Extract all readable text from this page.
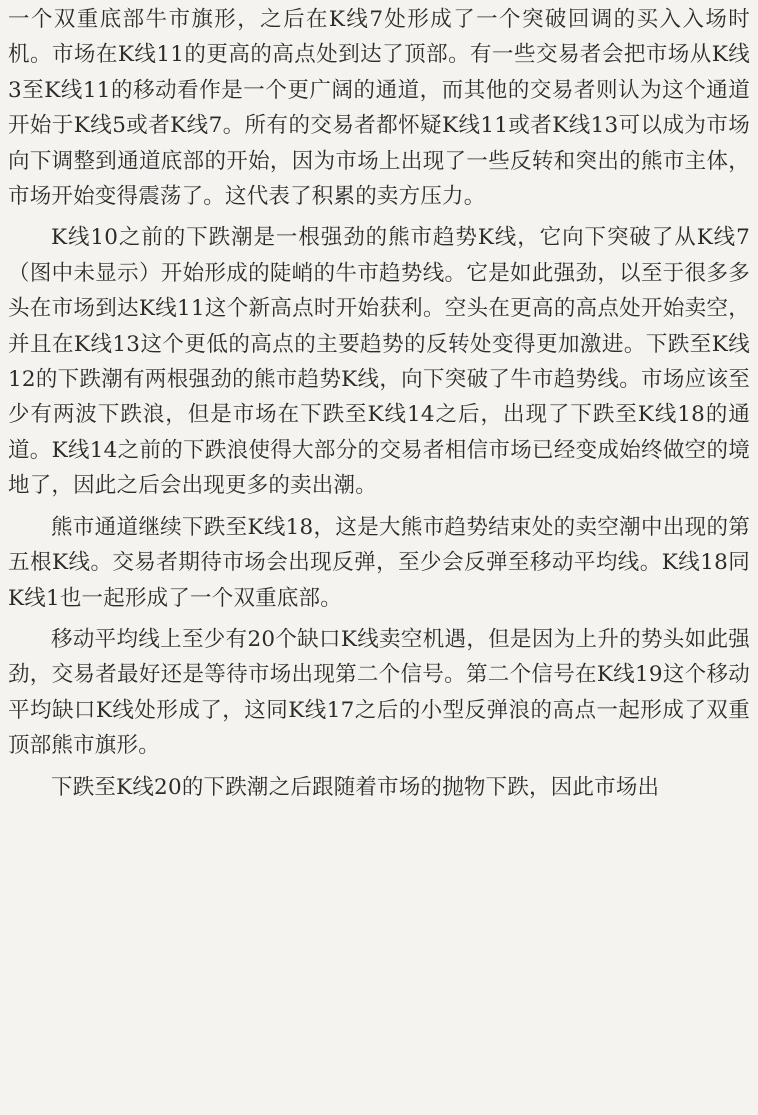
一个双重底部牛市旗形，之后在K线7处形成了一个突破回调的买入入场时机。市场在K线11的更高的高点处到达了顶部。有一些交易者会把市场从K线3至K线11的移动看作是一个更广阔的通道，而其他的交易者则认为这个通道开始于K线5或者K线7。所有的交易者都怀疑K线11或者K线13可以成为市场向下调整到通道底部的开始，因为市场上出现了一些反转和突出的熊市主体，市场开始变得震荡了。这代表了积累的卖方压力。

K线10之前的下跌潮是一根强劲的熊市趋势K线，它向下突破了从K线7（图中未显示）开始形成的陡峭的牛市趋势线。它是如此强劲，以至于很多多头在市场到达K线11这个新高点时开始获利。空头在更高的高点处开始卖空，并且在K线13这个更低的高点的主要趋势的反转处变得更加激进。下跌至K线12的下跌潮有两根强劲的熊市趋势K线，向下突破了牛市趋势线。市场应该至少有两波下跌浪，但是市场在下跌至K线14之后，出现了下跌至K线18的通道。K线14之前的下跌浪使得大部分的交易者相信市场已经变成始终做空的境地了，因此之后会出现更多的卖出潮。

熊市通道继续下跌至K线18，这是大熊市趋势结束处的卖空潮中出现的第五根K线。交易者期待市场会出现反弹，至少会反弹至移动平均线。K线18同K线1也一起形成了一个双重底部。

移动平均线上至少有20个缺口K线卖空机遇，但是因为上升的势头如此强劲，交易者最好还是等待市场出现第二个信号。第二个信号在K线19这个移动平均缺口K线处形成了，这同K线17之后的小型反弹浪的高点一起形成了双重顶部熊市旗形。

下跌至K线20的下跌潮之后跟随着市场的抛物下跌，因此市场出
